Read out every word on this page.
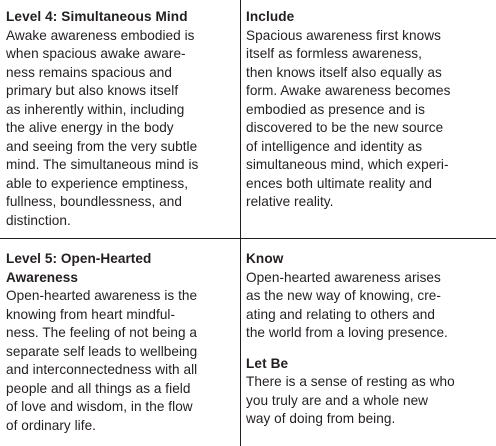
Level 4: Simultaneous Mind
Awake awareness embodied is
when spacious awake aware-
ness remains spacious and
primary but also knows itself
as inherently within, including
the alive energy in the body
and seeing from the very subtle
mind. The simultaneous mind is
able to experience emptiness,
fullness, boundlessness, and
distinction.
Include
Spacious awareness first knows
itself as formless awareness,
then knows itself also equally as
form. Awake awareness becomes
embodied as presence and is
discovered to be the new source
of intelligence and identity as
simultaneous mind, which experi-
ences both ultimate reality and
relative reality.
Level 5: Open-Hearted
Awareness
Open-hearted awareness is the
knowing from heart mindful-
ness. The feeling of not being a
separate self leads to wellbeing
and interconnectedness with all
people and all things as a field
of love and wisdom, in the flow
of ordinary life.
Know
Open-hearted awareness arises
as the new way of knowing, cre-
ating and relating to others and
the world from a loving presence.
Let Be
There is a sense of resting as who
you truly are and a whole new
way of doing from being.
